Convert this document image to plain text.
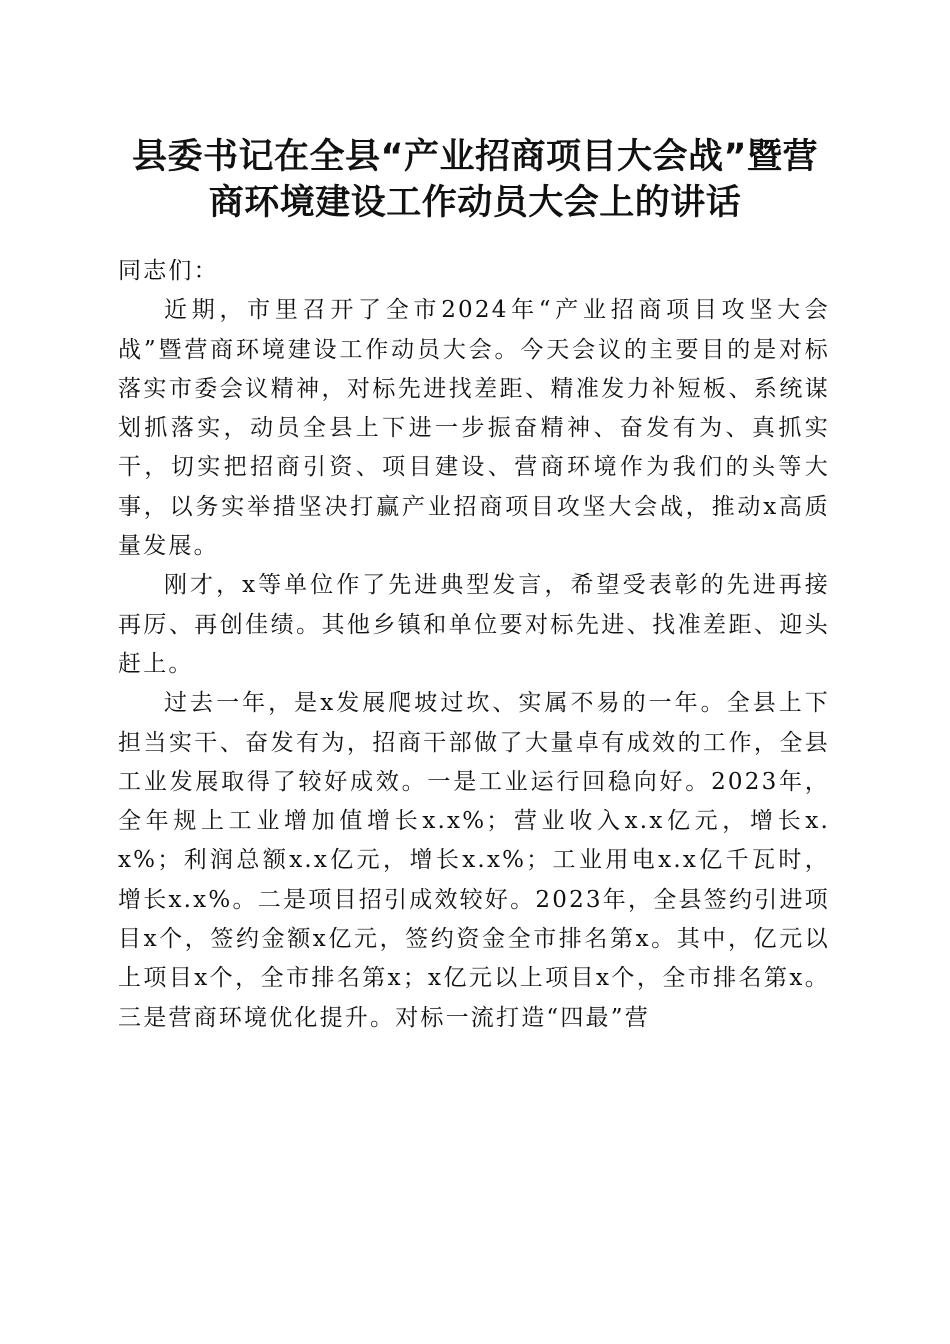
县委书记在全县“产业招商项目大会战”暨营
商环境建设工作动员大会上的讲话

同志们：

近期，市里召开了全市2024年“产业招商项目攻坚大会战”暨营商环境建设工作动员大会。今天会议的主要目的是对标落实市委会议精神，对标先进找差距、精准发力补短板、系统谋划抓落实，动员全县上下进一步振奋精神、奋发有为、真抓实干，切实把招商引资、项目建设、营商环境作为我们的头等大事，以务实举措坚决打赢产业招商项目攻坚大会战，推动x高质量发展。

刚才，x等单位作了先进典型发言，希望受表彰的先进再接再厉、再创佳绩。其他乡镇和单位要对标先进、找准差距、迎头赶上。

过去一年，是x发展爬坡过坎、实属不易的一年。全县上下担当实干、奋发有为，招商干部做了大量卓有成效的工作，全县工业发展取得了较好成效。一是工业运行回稳向好。2023年，全年规上工业增加值增长x.x%；营业收入x.x亿元，增长x.x%；利润总额x.x亿元，增长x.x%；工业用电x.x亿千瓦时，增长x.x%。二是项目招引成效较好。2023年，全县签约引进项目x个，签约金额x亿元，签约资金全市排名第x。其中，亿元以上项目x个，全市排名第x；x亿元以上项目x个，全市排名第x。三是营商环境优化提升。对标一流打造“四最”营
